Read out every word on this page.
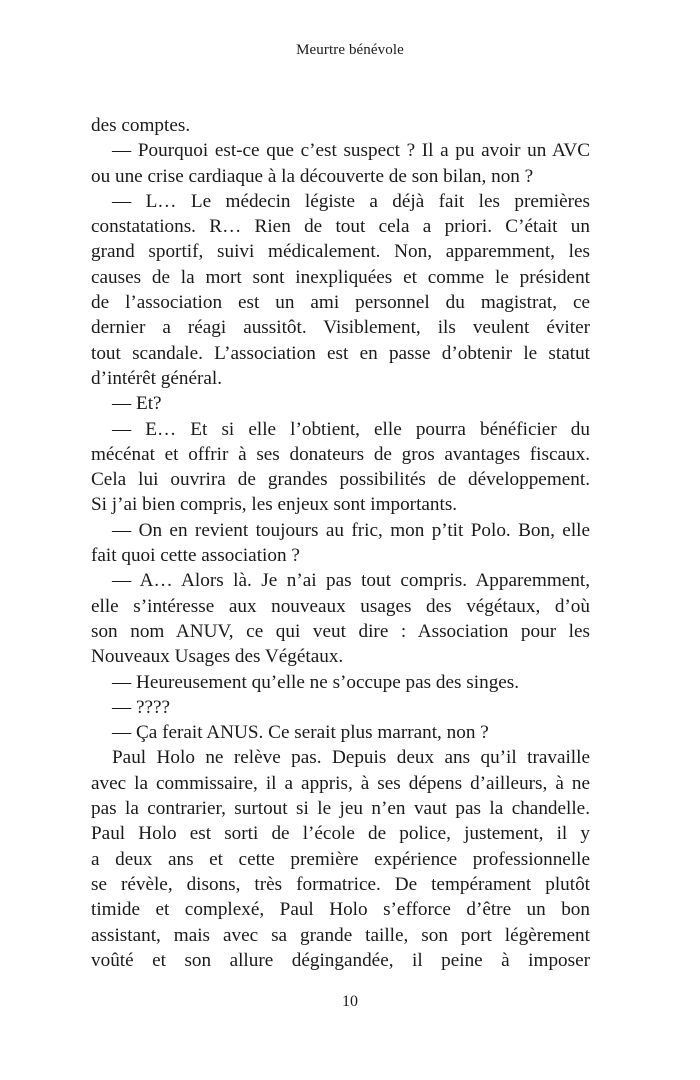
Meurtre bénévole
des comptes.
— Pourquoi est-ce que c’est suspect ? Il a pu avoir un AVC
ou une crise cardiaque à la découverte de son bilan, non ?
— L… Le médecin légiste a déjà fait les premières
constatations. R… Rien de tout cela a priori. C’était un
grand sportif, suivi médicalement. Non, apparemment, les
causes de la mort sont inexpliquées et comme le président
de l’association est un ami personnel du magistrat, ce
dernier a réagi aussitôt. Visiblement, ils veulent éviter
tout scandale. L’association est en passe d’obtenir le statut
d’intérêt général.
— Et?
— E… Et si elle l’obtient, elle pourra bénéficier du
mécénat et offrir à ses donateurs de gros avantages fiscaux.
Cela lui ouvrira de grandes possibilités de développement.
Si j’ai bien compris, les enjeux sont importants.
— On en revient toujours au fric, mon p’tit Polo. Bon, elle
fait quoi cette association ?
— A… Alors là. Je n’ai pas tout compris. Apparemment,
elle s’intéresse aux nouveaux usages des végétaux, d’où
son nom ANUV, ce qui veut dire : Association pour les
Nouveaux Usages des Végétaux.
— Heureusement qu’elle ne s’occupe pas des singes.
— ????
— Ça ferait ANUS. Ce serait plus marrant, non ?
Paul Holo ne relève pas. Depuis deux ans qu’il travaille
avec la commissaire, il a appris, à ses dépens d’ailleurs, à ne
pas la contrarier, surtout si le jeu n’en vaut pas la chandelle.
Paul Holo est sorti de l’école de police, justement, il y
a deux ans et cette première expérience professionnelle
se révèle, disons, très formatrice. De tempérament plutôt
timide et complexé, Paul Holo s’efforce d’être un bon
assistant, mais avec sa grande taille, son port légèrement
voûté et son allure dégingandée, il peine à imposer
10
